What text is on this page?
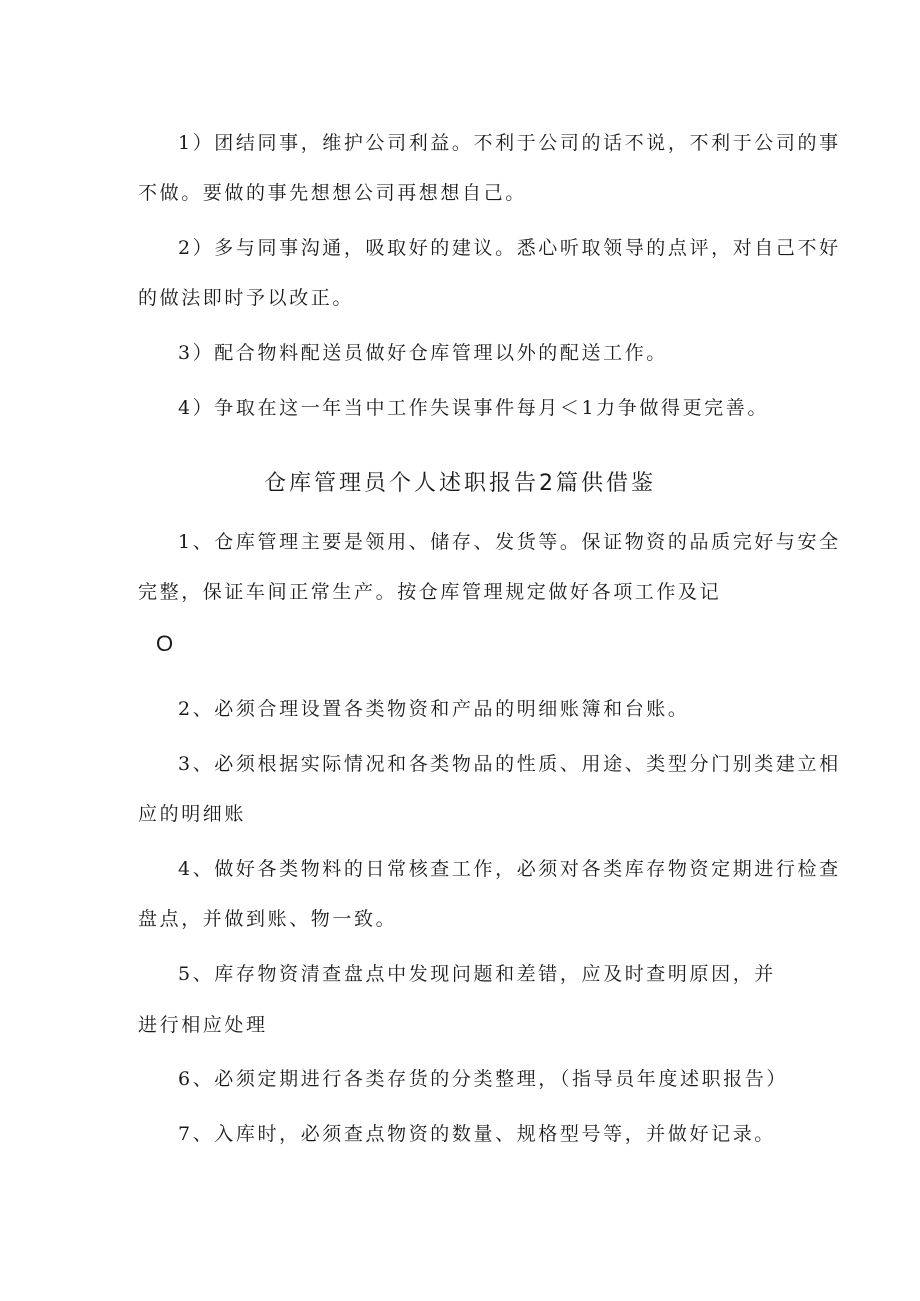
1）团结同事，维护公司利益。不利于公司的话不说，不利于公司的事
不做。要做的事先想想公司再想想自己。
2）多与同事沟通，吸取好的建议。悉心听取领导的点评，对自己不好
的做法即时予以改正。
3）配合物料配送员做好仓库管理以外的配送工作。
4）争取在这一年当中工作失误事件每月＜1力争做得更完善。
仓库管理员个人述职报告2篇供借鉴
1、仓库管理主要是领用、储存、发货等。保证物资的品质完好与安全
完整，保证车间正常生产。按仓库管理规定做好各项工作及记
O
2、必须合理设置各类物资和产品的明细账簿和台账。
3、必须根据实际情况和各类物品的性质、用途、类型分门别类建立相
应的明细账
4、做好各类物料的日常核查工作，必须对各类库存物资定期进行检查
盘点，并做到账、物一致。
5、库存物资清查盘点中发现问题和差错，应及时查明原因，并
进行相应处理
6、必须定期进行各类存货的分类整理，（指导员年度述职报告）
7、入库时，必须查点物资的数量、规格型号等，并做好记录。
